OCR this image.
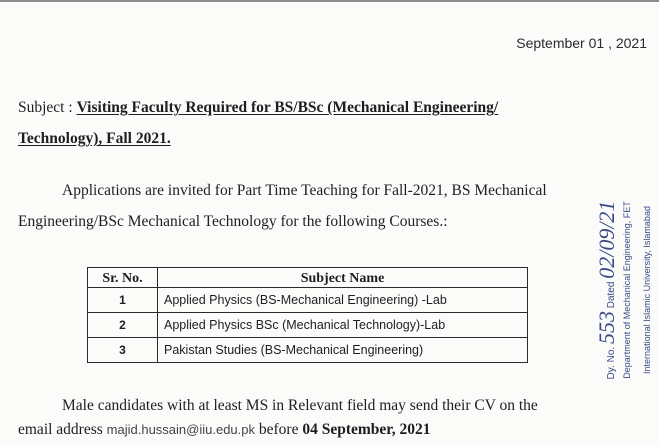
September 01 , 2021
Subject : Visiting Faculty Required for BS/BSc (Mechanical Engineering/
Technology), Fall 2021.
Applications are invited for Part Time Teaching for Fall-2021, BS Mechanical Engineering/BSc Mechanical Technology for the following Courses.:
Sr. No.	Subject Name
1	Applied Physics (BS-Mechanical Engineering) -Lab
2	Applied Physics BSc (Mechanical Technology)-Lab
3	Pakistan Studies (BS-Mechanical Engineering)
Male candidates with at least MS in Relevant field may send their CV on the
email address majid.hussain@iiu.edu.pk before 04 September, 2021
Dy. No. 553 Dated 02/09/21 Department of Mechanical Engineering, FET International Islamic University, Islamabad
